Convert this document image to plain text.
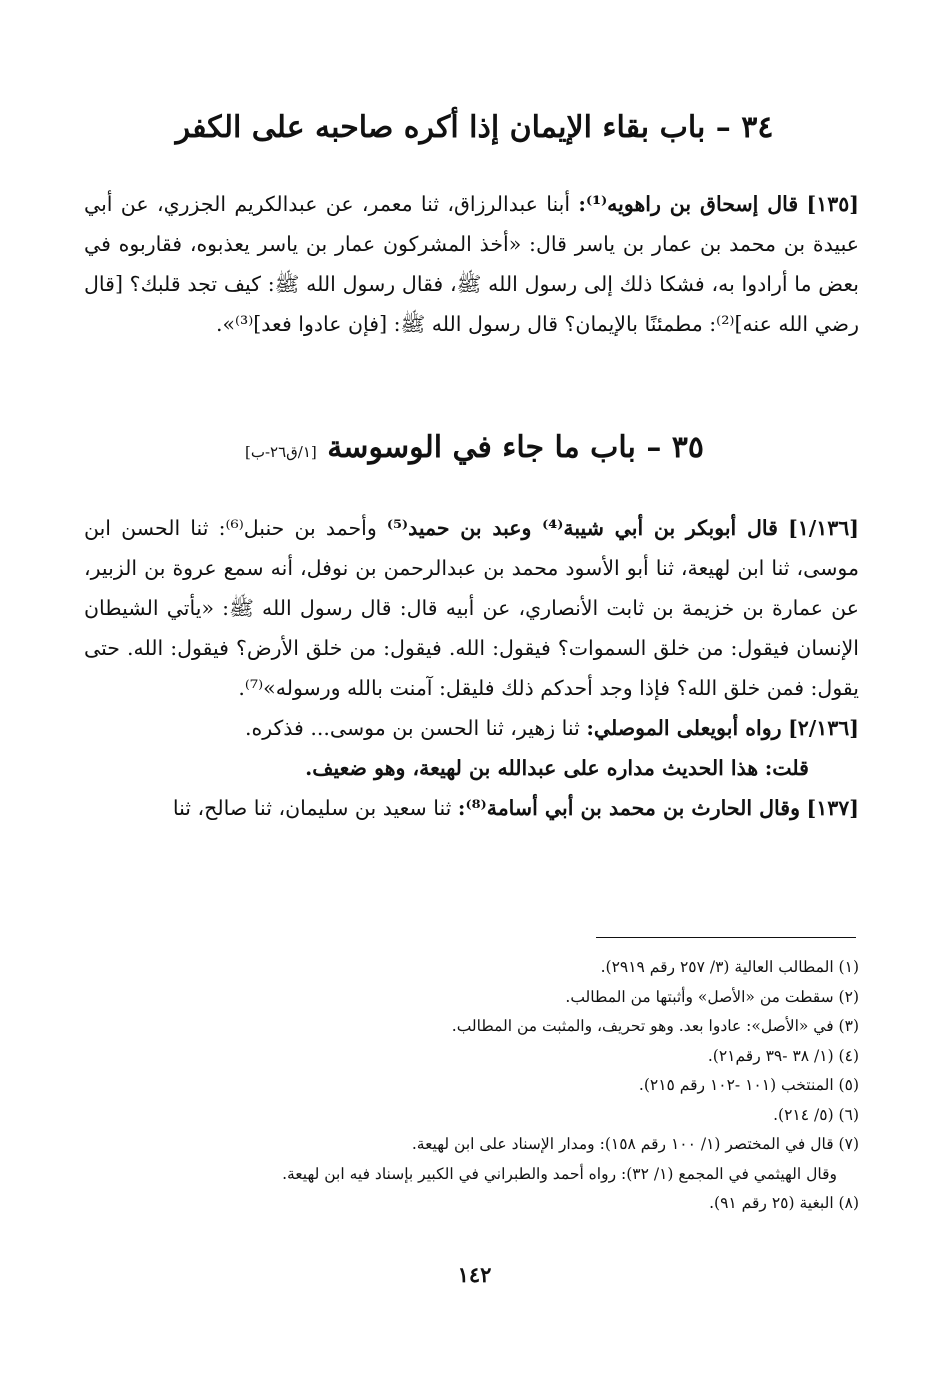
٣٤ – باب بقاء الإيمان إذا أكره صاحبه على الكفر

[١٣٥] قال إسحاق بن راهويه⁽¹⁾: أبنا عبدالرزاق، ثنا معمر، عن عبدالكريم الجزري، عن أبي عبيدة بن محمد بن عمار بن ياسر قال: «أخذ المشركون عمار بن ياسر يعذبوه، فقاربوه في بعض ما أرادوا به، فشكا ذلك إلى رسول الله ﷺ، فقال رسول الله ﷺ: كيف تجد قلبك؟ [قال رضي الله عنه]⁽²⁾: مطمئنًا بالإيمان؟ قال رسول الله ﷺ: [فإن عادوا فعد]⁽³⁾».

٣٥ – باب ما جاء في الوسوسة [١/ق٢٦-ب]

[١/١٣٦] قال أبوبكر بن أبي شيبة⁽⁴⁾ وعبد بن حميد⁽⁵⁾ وأحمد بن حنبل⁽⁶⁾: ثنا الحسن ابن موسى، ثنا ابن لهيعة، ثنا أبو الأسود محمد بن عبدالرحمن بن نوفل، أنه سمع عروة بن الزبير، عن عمارة بن خزيمة بن ثابت الأنصاري، عن أبيه قال: قال رسول الله ﷺ: «يأتي الشيطان الإنسان فيقول: من خلق السموات؟ فيقول: الله. فيقول: من خلق الأرض؟ فيقول: الله. حتى يقول: فمن خلق الله؟ فإذا وجد أحدكم ذلك فليقل: آمنت بالله ورسوله»⁽⁷⁾.

[٢/١٣٦] رواه أبويعلى الموصلي: ثنا زهير، ثنا الحسن بن موسى... فذكره.

قلت: هذا الحديث مداره على عبدالله بن لهيعة، وهو ضعيف.

[١٣٧] وقال الحارث بن محمد بن أبي أسامة⁽⁸⁾: ثنا سعيد بن سليمان، ثنا صالح، ثنا

(١) المطالب العالية (٣/ ٢٥٧ رقم ٢٩١٩).

(٢) سقطت من «الأصل» وأثبتها من المطالب.

(٣) في «الأصل»: عادوا بعد. وهو تحريف، والمثبت من المطالب.

(٤) (١/ ٣٨ -٣٩ رقم٢١).

(٥) المنتخب (١٠١ -١٠٢ رقم ٢١٥).

(٦) (٥/ ٢١٤).

(٧) قال في المختصر (١/ ١٠٠ رقم ١٥٨): ومدار الإسناد على ابن لهيعة.

وقال الهيثمي في المجمع (١/ ٣٢): رواه أحمد والطبراني في الكبير بإسناد فيه ابن لهيعة.

(٨) البغية (٢٥ رقم ٩١).

١٤٢
